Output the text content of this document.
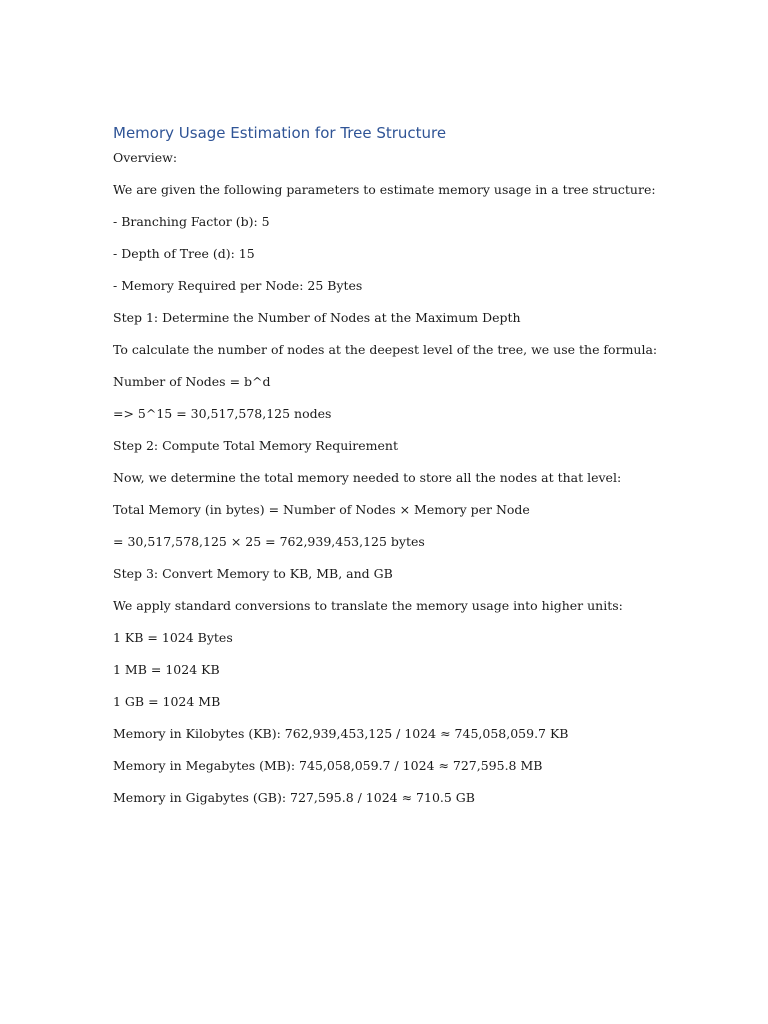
Memory Usage Estimation for Tree Structure

Overview:

We are given the following parameters to estimate memory usage in a tree structure:

- Branching Factor (b): 5

- Depth of Tree (d): 15

- Memory Required per Node: 25 Bytes

Step 1: Determine the Number of Nodes at the Maximum Depth

To calculate the number of nodes at the deepest level of the tree, we use the formula:

Number of Nodes = b^d

=> 5^15 = 30,517,578,125 nodes

Step 2: Compute Total Memory Requirement

Now, we determine the total memory needed to store all the nodes at that level:

Total Memory (in bytes) = Number of Nodes × Memory per Node

= 30,517,578,125 × 25 = 762,939,453,125 bytes

Step 3: Convert Memory to KB, MB, and GB

We apply standard conversions to translate the memory usage into higher units:

1 KB = 1024 Bytes

1 MB = 1024 KB

1 GB = 1024 MB

Memory in Kilobytes (KB): 762,939,453,125 / 1024 ≈ 745,058,059.7 KB

Memory in Megabytes (MB): 745,058,059.7 / 1024 ≈ 727,595.8 MB

Memory in Gigabytes (GB): 727,595.8 / 1024 ≈ 710.5 GB
